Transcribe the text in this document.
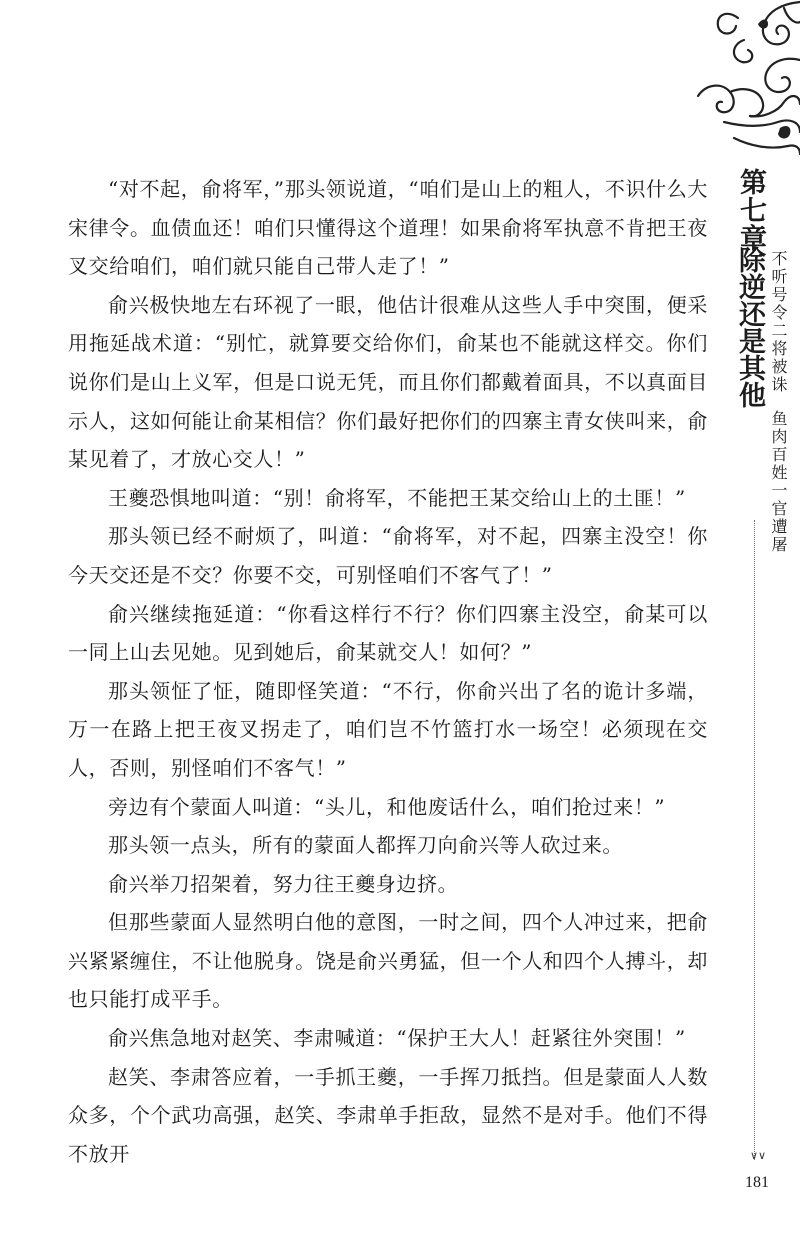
“对不起，俞将军，”那头领说道，“咱们是山上的粗人，不识什么大宋律令。血债血还！咱们只懂得这个道理！如果俞将军执意不肯把王夜叉交给咱们，咱们就只能自己带人走了！”

俞兴极快地左右环视了一眼，他估计很难从这些人手中突围，便采用拖延战术道：“别忙，就算要交给你们，俞某也不能就这样交。你们说你们是山上义军，但是口说无凭，而且你们都戴着面具，不以真面目示人，这如何能让俞某相信？你们最好把你们的四寨主青女侠叫来，俞某见着了，才放心交人！”

王夔恐惧地叫道：“别！俞将军，不能把王某交给山上的土匪！”

那头领已经不耐烦了，叫道：“俞将军，对不起，四寨主没空！你今天交还是不交？你要不交，可别怪咱们不客气了！”

俞兴继续拖延道：“你看这样行不行？你们四寨主没空，俞某可以一同上山去见她。见到她后，俞某就交人！如何？”

那头领怔了怔，随即怪笑道：“不行，你俞兴出了名的诡计多端，万一在路上把王夜叉拐走了，咱们岂不竹篮打水一场空！必须现在交人，否则，别怪咱们不客气！”

旁边有个蒙面人叫道：“头儿，和他废话什么，咱们抢过来！”

那头领一点头，所有的蒙面人都挥刀向俞兴等人砍过来。

俞兴举刀招架着，努力往王夔身边挤。

但那些蒙面人显然明白他的意图，一时之间，四个人冲过来，把俞兴紧紧缠住，不让他脱身。饶是俞兴勇猛，但一个人和四个人搏斗，却也只能打成平手。

俞兴焦急地对赵笑、李肃喊道：“保护王大人！赶紧往外突围！”

赵笑、李肃答应着，一手抓王夔，一手挥刀抵挡。但是蒙面人人数众多，个个武功高强，赵笑、李肃单手拒敌，显然不是对手。他们不得不放开

第七章
除逆还是其他 不听号令二将被诛
鱼肉百姓一官遭屠
∨∨
181
